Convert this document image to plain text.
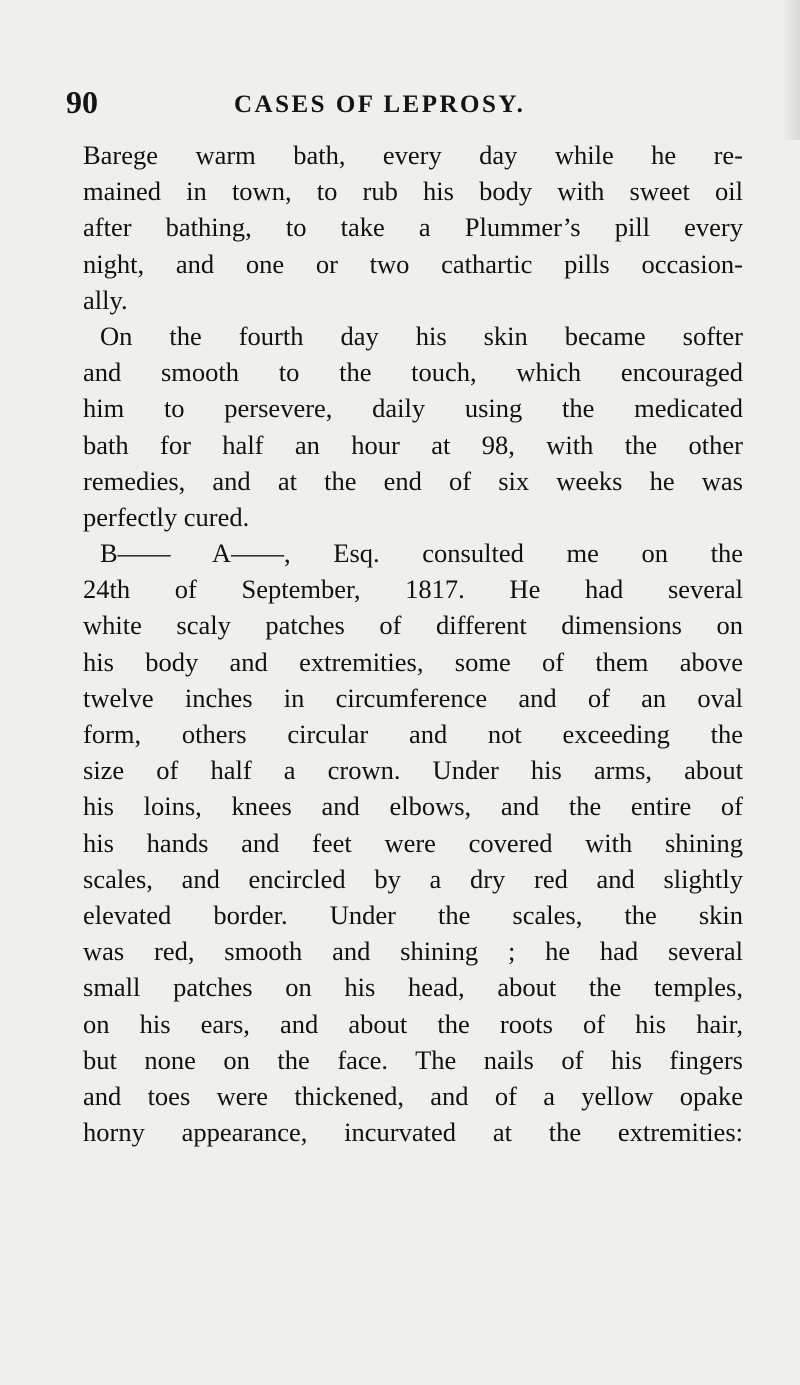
90	CASES OF LEPROSY.
Barege warm bath, every day while he re-
mained in town, to rub his body with sweet oil
after bathing, to take a Plummer’s pill every
night, and one or two cathartic pills occasion-
ally.
On the fourth day his skin became softer
and smooth to the touch, which encouraged
him to persevere, daily using the medicated
bath for half an hour at 98, with the other
remedies, and at the end of six weeks he was
perfectly cured.
B—— A——, Esq. consulted me on the
24th of September, 1817. He had several
white scaly patches of different dimensions on
his body and extremities, some of them above
twelve inches in circumference and of an oval
form, others circular and not exceeding the
size of half a crown. Under his arms, about
his loins, knees and elbows, and the entire of
his hands and feet were covered with shining
scales, and encircled by a dry red and slightly
elevated border. Under the scales, the skin
was red, smooth and shining ; he had several
small patches on his head, about the temples,
on his ears, and about the roots of his hair,
but none on the face. The nails of his fingers
and toes were thickened, and of a yellow opake
horny appearance, incurvated at the extremities:
